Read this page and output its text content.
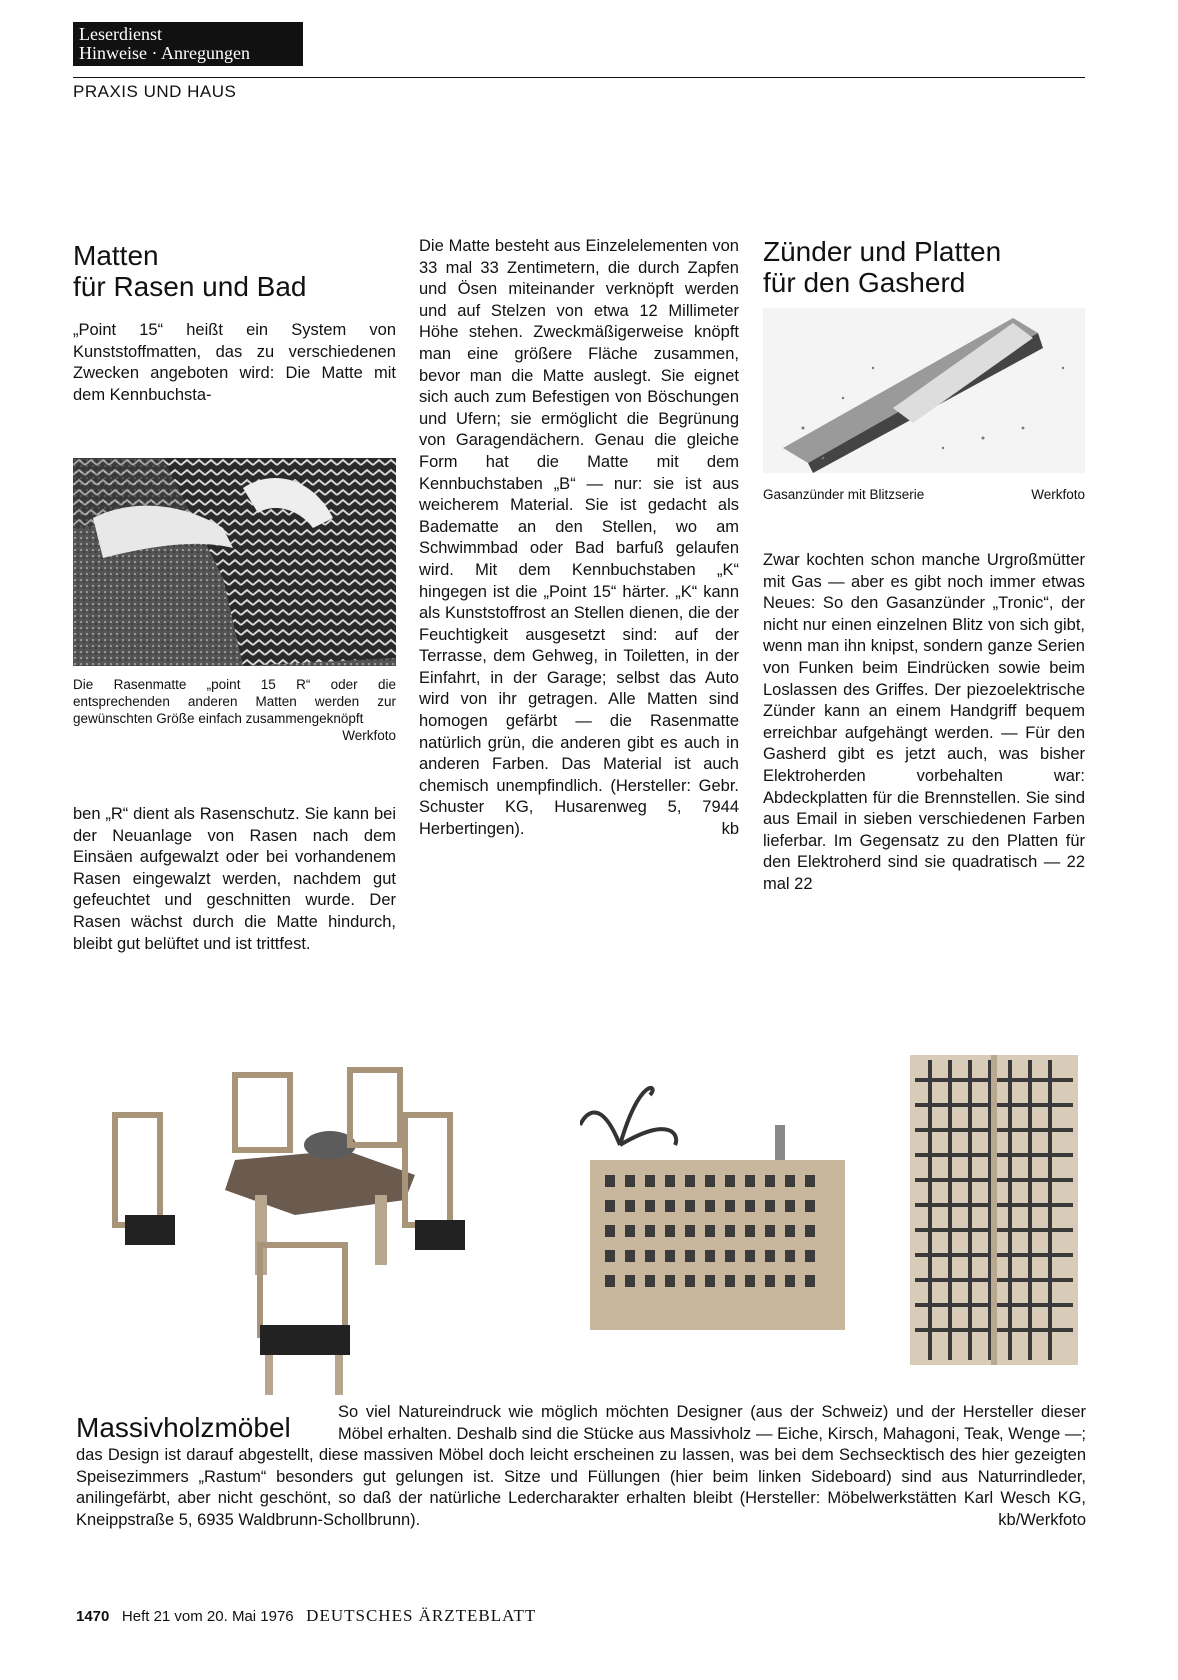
Leserdienst
Hinweise · Anregungen
PRAXIS UND HAUS
Matten
für Rasen und Bad
„Point 15“ heißt ein System von Kunststoffmatten, das zu verschiedenen Zwecken angeboten wird: Die Matte mit dem Kennbuchsta-
Die Rasenmatte „point 15 R“ oder die entsprechenden anderen Matten werden zur gewünschten Größe einfach zusammengeknöpft
Werkfoto
ben „R“ dient als Rasenschutz. Sie kann bei der Neuanlage von Rasen nach dem Einsäen aufgewalzt oder bei vorhandenem Rasen eingewalzt werden, nachdem gut gefeuchtet und geschnitten wurde. Der Rasen wächst durch die Matte hindurch, bleibt gut belüftet und ist trittfest.
Die Matte besteht aus Einzelelementen von 33 mal 33 Zentimetern, die durch Zapfen und Ösen miteinander verknöpft werden und auf Stelzen von etwa 12 Millimeter Höhe stehen. Zweckmäßigerweise knöpft man eine größere Fläche zusammen, bevor man die Matte auslegt. Sie eignet sich auch zum Befestigen von Böschungen und Ufern; sie ermöglicht die Begrünung von Garagendächern. Genau die gleiche Form hat die Matte mit dem Kennbuchstaben „B“ — nur: sie ist aus weicherem Material. Sie ist gedacht als Bademattе an den Stellen, wo am Schwimmbad oder Bad barfuß gelaufen wird. Mit dem Kennbuchstaben „K“ hingegen ist die „Point 15“ härter. „K“ kann als Kunststoffrost an Stellen dienen, die der Feuchtigkeit ausgesetzt sind: auf der Terrasse, dem Gehweg, in Toiletten, in der Einfahrt, in der Garage; selbst das Auto wird von ihr getragen. Alle Matten sind homogen gefärbt — die Rasenmatte natürlich grün, die anderen gibt es auch in anderen Farben. Das Material ist auch chemisch unempfindlich. (Hersteller: Gebr. Schuster KG, Husarenweg 5, 7944 Herbertingen).	kb
Zünder und Platten
für den Gasherd
Gasanzünder mit Blitzserie	Werkfoto
Zwar kochten schon manche Urgroßmütter mit Gas — aber es gibt noch immer etwas Neues: So den Gasanzünder „Tronic“, der nicht nur einen einzelnen Blitz von sich gibt, wenn man ihn knipst, sondern ganze Serien von Funken beim Eindrücken sowie beim Loslassen des Griffes. Der piezoelektrische Zünder kann an einem Handgriff bequem erreichbar aufgehängt werden. — Für den Gasherd gibt es jetzt auch, was bisher Elektroherden vorbehalten war: Abdeckplatten für die Brennstellen. Sie sind aus Email in sieben verschiedenen Farben lieferbar. Im Gegensatz zu den Platten für den Elektroherd sind sie quadratisch — 22 mal 22
Massivholzmöbel	So viel Natureindruck wie möglich möchten Designer (aus der Schweiz) und der Hersteller dieser Möbel erhalten. Deshalb sind die Stücke aus Massivholz — Eiche, Kirsch, Mahagoni, Teak, Wenge —; das Design ist darauf abgestellt, diese massiven Möbel doch leicht erscheinen zu lassen, was bei dem Sechsecktisch des hier gezeigten Speisezimmers „Rastum“ besonders gut gelungen ist. Sitze und Füllungen (hier beim linken Sideboard) sind aus Naturrindleder, anilingefärbt, aber nicht geschönt, so daß der natürliche Ledercharakter erhalten bleibt (Hersteller: Möbelwerkstätten Karl Wesch KG, Kneippstraße 5, 6935 Waldbrunn-Schollbrunn).	kb/Werkfoto
1470 Heft 21 vom 20. Mai 1976 DEUTSCHES ÄRZTEBLATT
